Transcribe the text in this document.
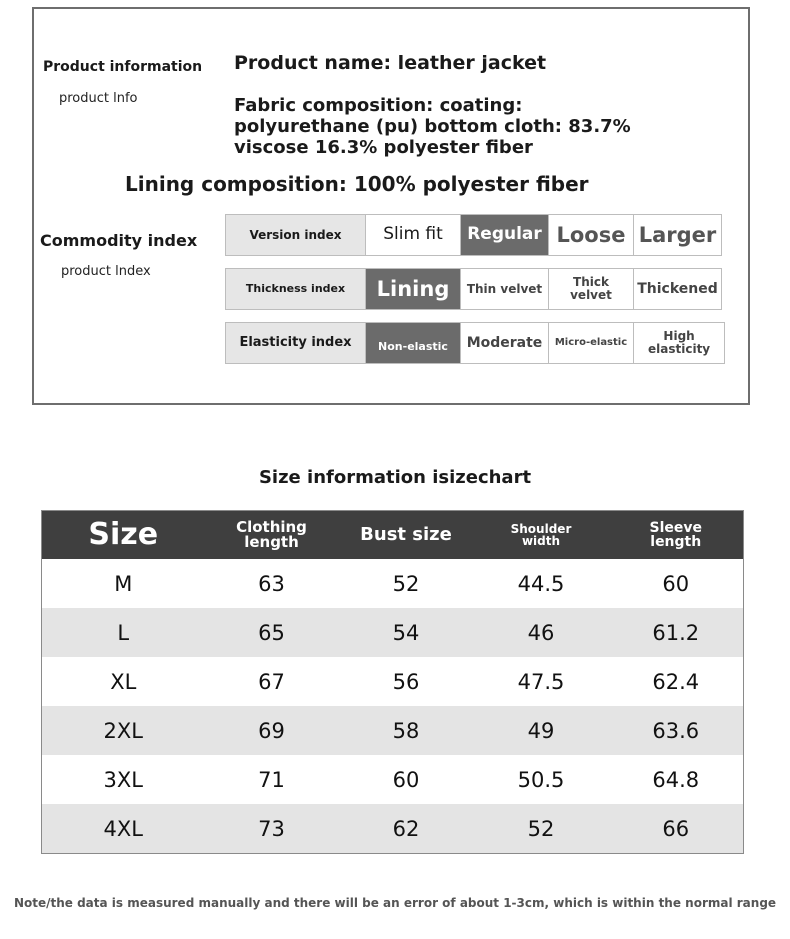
Product information
product lnfo
Product name: leather jacket
Fabric composition: coating:
polyurethane (pu) bottom cloth: 83.7%
viscose 16.3% polyester fiber
Lining composition: 100% polyester fiber
Commodity index
product lndex
Version index	Slim fit	Regular	Loose	Larger
Thickness index	Lining	Thin velvet	Thick velvet	Thickened
Elasticity index	Non-elastic	Moderate	Micro-elastic	High elasticity
Size information isizechart
Size	Clothing length	Bust size	Shoulder width	Sleeve length
M	63	52	44.5	60
L	65	54	46	61.2
XL	67	56	47.5	62.4
2XL	69	58	49	63.6
3XL	71	60	50.5	64.8
4XL	73	62	52	66
Note/the data is measured manually and there will be an error of about 1-3cm, which is within the normal range
